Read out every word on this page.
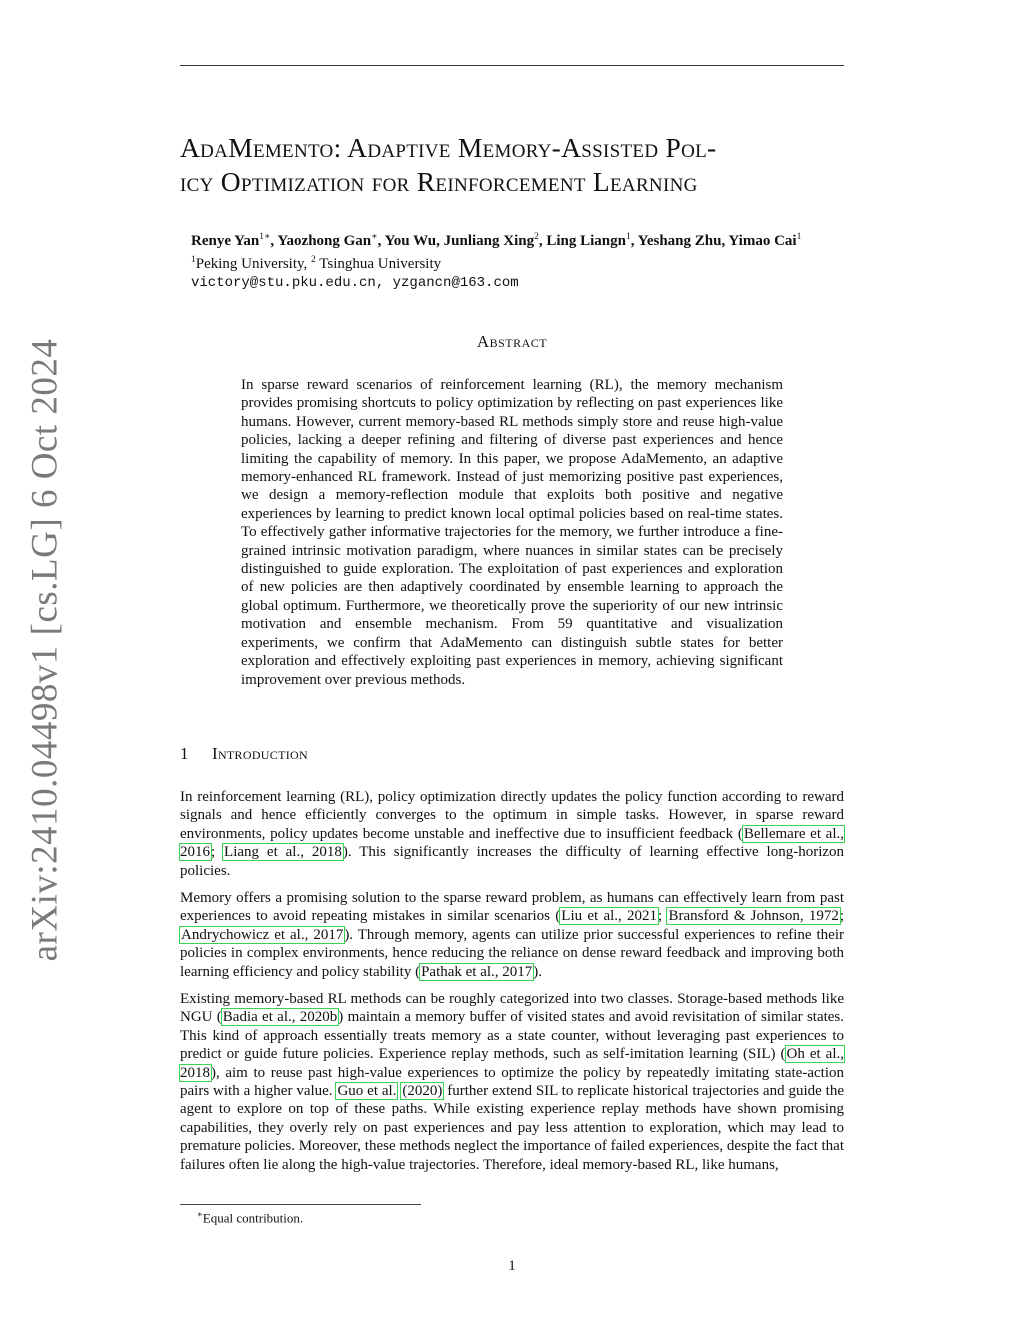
arXiv:2410.04498v1 [cs.LG] 6 Oct 2024
AdaMemento: Adaptive Memory-Assisted Pol-
icy Optimization for Reinforcement Learning
Renye Yan$^{1∗}$, Yaozhong Gan∗, You Wu, Junliang Xing$^2$, Ling Liangn$^1$, Yeshang Zhu, Yimao Cai$^1$
$^1$Peking University, $^2$ Tsinghua University
victory@stu.pku.edu.cn, yzgancn@163.com
Abstract

In sparse reward scenarios of reinforcement learning (RL), the memory mechanism provides promising shortcuts to policy optimization by reflecting on past experiences like humans. However, current memory-based RL methods simply store and reuse high-value policies, lacking a deeper refining and filtering of diverse past experiences and hence limiting the capability of memory. In this paper, we propose AdaMemento, an adaptive memory-enhanced RL framework. Instead of just memorizing positive past experiences, we design a memory-reflection module that exploits both positive and negative experiences by learning to predict known local optimal policies based on real-time states. To effectively gather informative trajectories for the memory, we further introduce a fine-grained intrinsic motivation paradigm, where nuances in similar states can be precisely distinguished to guide exploration. The exploitation of past experiences and exploration of new policies are then adaptively coordinated by ensemble learning to approach the global optimum. Furthermore, we theoretically prove the superiority of our new intrinsic motivation and ensemble mechanism. From 59 quantitative and visualization experiments, we confirm that AdaMemento can distinguish subtle states for better exploration and effectively exploiting past experiences in memory, achieving significant improvement over previous methods.

1 Introduction

In reinforcement learning (RL), policy optimization directly updates the policy function according to reward signals and hence efficiently converges to the optimum in simple tasks. However, in sparse reward environments, policy updates become unstable and ineffective due to insufficient feedback (Bellemare et al., 2016; Liang et al., 2018). This significantly increases the difficulty of learning effective long-horizon policies.

Memory offers a promising solution to the sparse reward problem, as humans can effectively learn from past experiences to avoid repeating mistakes in similar scenarios (Liu et al., 2021; Bransford & Johnson, 1972; Andrychowicz et al., 2017). Through memory, agents can utilize prior successful experiences to refine their policies in complex environments, hence reducing the reliance on dense reward feedback and improving both learning efficiency and policy stability (Pathak et al., 2017).

Existing memory-based RL methods can be roughly categorized into two classes. Storage-based methods like NGU (Badia et al., 2020b) maintain a memory buffer of visited states and avoid revisitation of similar states. This kind of approach essentially treats memory as a state counter, without leveraging past experiences to predict or guide future policies. Experience replay methods, such as self-imitation learning (SIL) (Oh et al., 2018), aim to reuse past high-value experiences to optimize the policy by repeatedly imitating state-action pairs with a higher value. Guo et al. (2020) further extend SIL to replicate historical trajectories and guide the agent to explore on top of these paths. While existing experience replay methods have shown promising capabilities, they overly rely on past experiences and pay less attention to exploration, which may lead to premature policies. Moreover, these methods neglect the importance of failed experiences, despite the fact that failures often lie along the high-value trajectories. Therefore, ideal memory-based RL, like humans,

∗Equal contribution.
1
